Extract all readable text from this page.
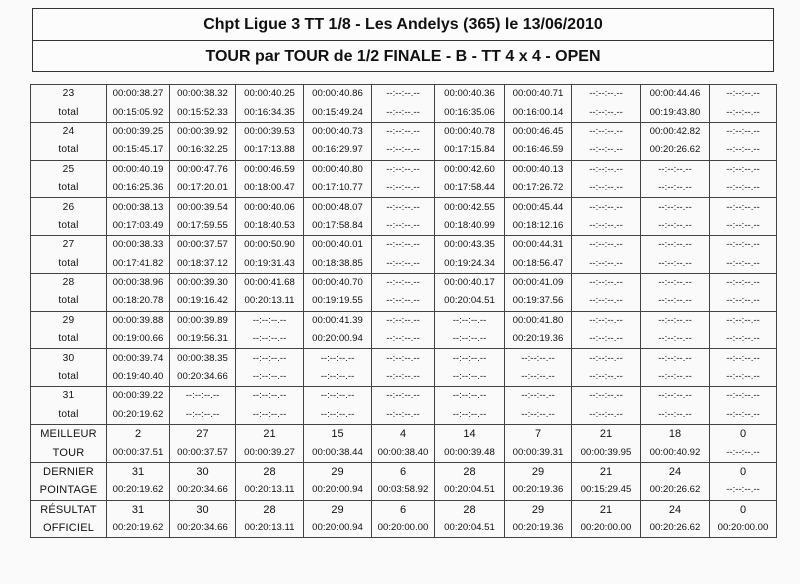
Chpt Ligue 3 TT 1/8 - Les Andelys (365) le 13/06/2010
TOUR par TOUR de 1/2 FINALE - B - TT 4 x 4 - OPEN
23	00:00:38.27	00:00:38.32	00:00:40.25	00:00:40.86	--:--:--.--	00:00:40.36	00:00:40.71	--:--:--.--	00:00:44.46	--:--:--.--
total	00:15:05.92	00:15:52.33	00:16:34.35	00:15:49.24	--:--:--.--	00:16:35.06	00:16:00.14	--:--:--.--	00:19:43.80	--:--:--.--
24	00:00:39.25	00:00:39.92	00:00:39.53	00:00:40.73	--:--:--.--	00:00:40.78	00:00:46.45	--:--:--.--	00:00:42.82	--:--:--.--
total	00:15:45.17	00:16:32.25	00:17:13.88	00:16:29.97	--:--:--.--	00:17:15.84	00:16:46.59	--:--:--.--	00:20:26.62	--:--:--.--
25	00:00:40.19	00:00:47.76	00:00:46.59	00:00:40.80	--:--:--.--	00:00:42.60	00:00:40.13	--:--:--.--	--:--:--.--	--:--:--.--
total	00:16:25.36	00:17:20.01	00:18:00.47	00:17:10.77	--:--:--.--	00:17:58.44	00:17:26.72	--:--:--.--	--:--:--.--	--:--:--.--
26	00:00:38.13	00:00:39.54	00:00:40.06	00:00:48.07	--:--:--.--	00:00:42.55	00:00:45.44	--:--:--.--	--:--:--.--	--:--:--.--
total	00:17:03.49	00:17:59.55	00:18:40.53	00:17:58.84	--:--:--.--	00:18:40.99	00:18:12.16	--:--:--.--	--:--:--.--	--:--:--.--
27	00:00:38.33	00:00:37.57	00:00:50.90	00:00:40.01	--:--:--.--	00:00:43.35	00:00:44.31	--:--:--.--	--:--:--.--	--:--:--.--
total	00:17:41.82	00:18:37.12	00:19:31.43	00:18:38.85	--:--:--.--	00:19:24.34	00:18:56.47	--:--:--.--	--:--:--.--	--:--:--.--
28	00:00:38.96	00:00:39.30	00:00:41.68	00:00:40.70	--:--:--.--	00:00:40.17	00:00:41.09	--:--:--.--	--:--:--.--	--:--:--.--
total	00:18:20.78	00:19:16.42	00:20:13.11	00:19:19.55	--:--:--.--	00:20:04.51	00:19:37.56	--:--:--.--	--:--:--.--	--:--:--.--
29	00:00:39.88	00:00:39.89	--:--:--.--	00:00:41.39	--:--:--.--	--:--:--.--	00:00:41.80	--:--:--.--	--:--:--.--	--:--:--.--
total	00:19:00.66	00:19:56.31	--:--:--.--	00:20:00.94	--:--:--.--	--:--:--.--	00:20:19.36	--:--:--.--	--:--:--.--	--:--:--.--
30	00:00:39.74	00:00:38.35	--:--:--.--	--:--:--.--	--:--:--.--	--:--:--.--	--:--:--.--	--:--:--.--	--:--:--.--	--:--:--.--
total	00:19:40.40	00:20:34.66	--:--:--.--	--:--:--.--	--:--:--.--	--:--:--.--	--:--:--.--	--:--:--.--	--:--:--.--	--:--:--.--
31	00:00:39.22	--:--:--.--	--:--:--.--	--:--:--.--	--:--:--.--	--:--:--.--	--:--:--.--	--:--:--.--	--:--:--.--	--:--:--.--
total	00:20:19.62	--:--:--.--	--:--:--.--	--:--:--.--	--:--:--.--	--:--:--.--	--:--:--.--	--:--:--.--	--:--:--.--	--:--:--.--
MEILLEUR	2	27	21	15	4	14	7	21	18	0
TOUR	00:00:37.51	00:00:37.57	00:00:39.27	00:00:38.44	00:00:38.40	00:00:39.48	00:00:39.31	00:00:39.95	00:00:40.92	--:--:--.--
DERNIER	31	30	28	29	6	28	29	21	24	0
POINTAGE	00:20:19.62	00:20:34.66	00:20:13.11	00:20:00.94	00:03:58.92	00:20:04.51	00:20:19.36	00:15:29.45	00:20:26.62	--:--:--.--
RÉSULTAT	31	30	28	29	6	28	29	21	24	0
OFFICIEL	00:20:19.62	00:20:34.66	00:20:13.11	00:20:00.94	00:20:00.00	00:20:04.51	00:20:19.36	00:20:00.00	00:20:26.62	00:20:00.00
